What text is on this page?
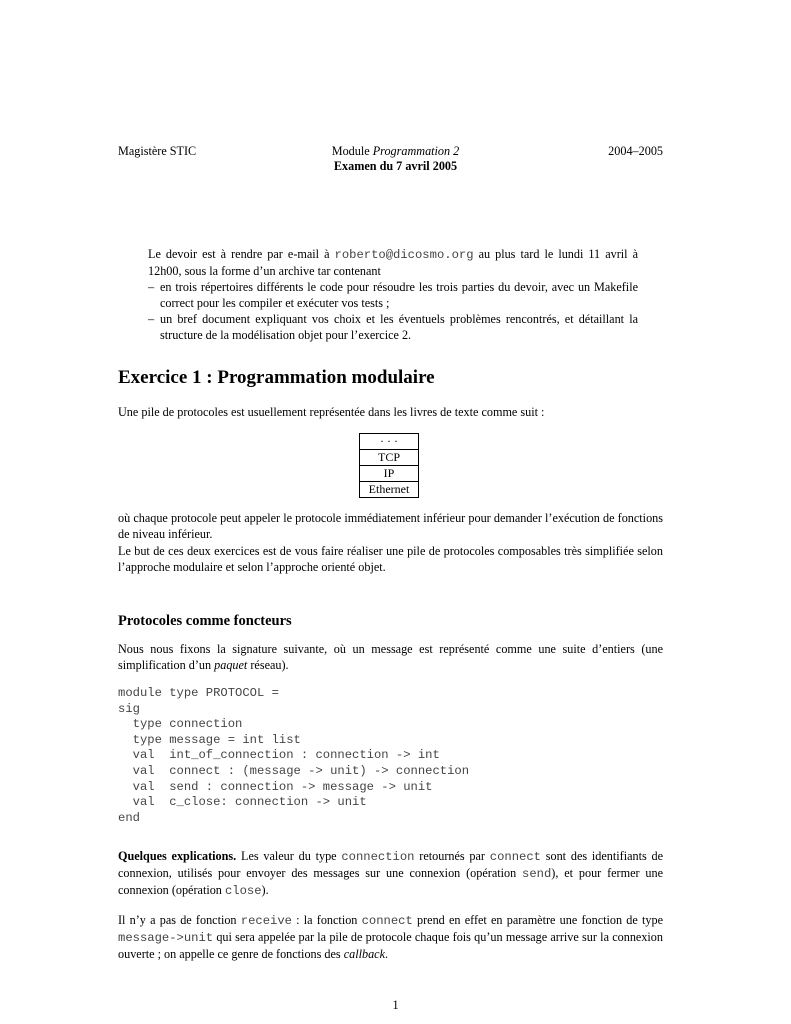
Magistère STIC	Module Programmation 2	2004–2005
Examen du 7 avril 2005

Le devoir est à rendre par e-mail à roberto@dicosmo.org au plus tard le lundi 11 avril à 12h00, sous la forme d’un archive tar contenant

– en trois répertoires différents le code pour résoudre les trois parties du devoir, avec un Makefile correct pour les compiler et exécuter vos tests ;
– un bref document expliquant vos choix et les éventuels problèmes rencontrés, et détaillant la structure de la modélisation objet pour l’exercice 2.
Exercice 1 : Programmation modulaire

Une pile de protocoles est usuellement représentée dans les livres de texte comme suit :

· · ·
TCP
IP
Ethernet

où chaque protocole peut appeler le protocole immédiatement inférieur pour demander l’exécution de fonctions de niveau inférieur.

Le but de ces deux exercices est de vous faire réaliser une pile de protocoles composables très simplifiée selon l’approche modulaire et selon l’approche orienté objet.

Protocoles comme foncteurs

Nous nous fixons la signature suivante, où un message est représenté comme une suite d’entiers (une simplification d’un paquet réseau).

module type PROTOCOL =
sig
type connection
type message = int list
val  int_of_connection : connection -> int
val  connect : (message -> unit) -> connection
val  send : connection -> message -> unit
val  c_close: connection -> unit
end

Quelques explications. Les valeur du type connection retournés par connect sont des identifiants de connexion, utilisés pour envoyer des messages sur une connexion (opération send), et pour fermer une connexion (opération close).

Il n’y a pas de fonction receive : la fonction connect prend en effet en paramètre une fonction de type message->unit qui sera appelée par la pile de protocole chaque fois qu’un message arrive sur la connexion ouverte ; on appelle ce genre de fonctions des callback.

1
